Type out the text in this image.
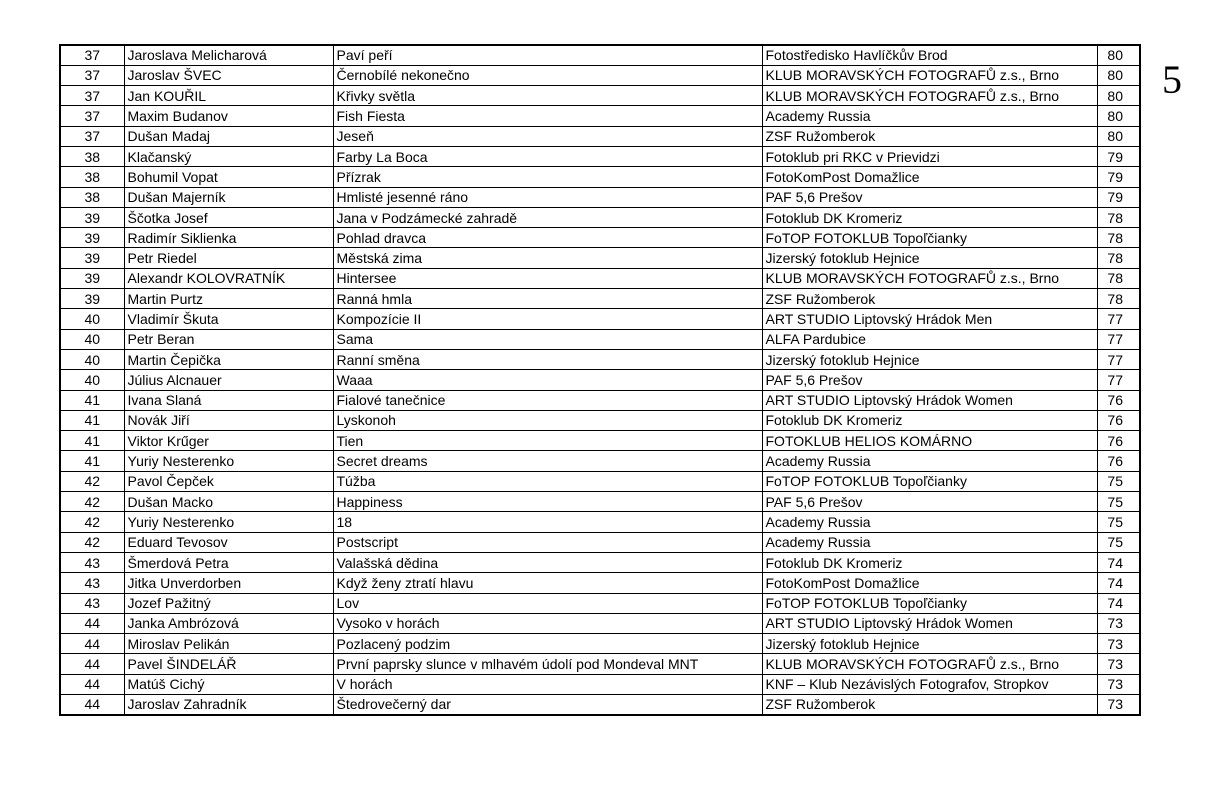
37	Jaroslava Melicharová	Paví peří	Fotostředisko Havlíčkův Brod	80
37	Jaroslav ŠVEC	Černobílé nekonečno	KLUB MORAVSKÝCH FOTOGRAFŮ z.s., Brno	80
37	Jan KOUŘIL	Křivky světla	KLUB MORAVSKÝCH FOTOGRAFŮ z.s., Brno	80
37	Maxim Budanov	Fish Fiesta	Academy Russia	80
37	Dušan Madaj	Jeseň	ZSF Ružomberok	80
38	Klačanský	Farby La Boca	Fotoklub pri RKC v Prievidzi	79
38	Bohumil Vopat	Přízrak	FotoKomPost Domažlice	79
38	Dušan Majerník	Hmlisté jesenné ráno	PAF 5,6 Prešov	79
39	Ščotka Josef	Jana v Podzámecké zahradě	Fotoklub DK Kromeriz	78
39	Radimír Siklienka	Pohlad dravca	FoTOP FOTOKLUB Topoľčianky	78
39	Petr Riedel	Městská zima	Jizerský fotoklub Hejnice	78
39	Alexandr KOLOVRATNÍK	Hintersee	KLUB MORAVSKÝCH FOTOGRAFŮ z.s., Brno	78
39	Martin Purtz	Ranná hmla	ZSF Ružomberok	78
40	Vladimír Škuta	Kompozície II	ART STUDIO Liptovský Hrádok Men	77
40	Petr Beran	Sama	ALFA Pardubice	77
40	Martin Čepička	Ranní směna	Jizerský fotoklub Hejnice	77
40	Július Alcnauer	Waaa	PAF 5,6 Prešov	77
41	Ivana Slaná	Fialové tanečnice	ART STUDIO Liptovský Hrádok Women	76
41	Novák Jiří	Lyskonoh	Fotoklub DK Kromeriz	76
41	Viktor Krűger	Tien	FOTOKLUB HELIOS KOMÁRNO	76
41	Yuriy Nesterenko	Secret dreams	Academy Russia	76
42	Pavol Čepček	Túžba	FoTOP FOTOKLUB Topoľčianky	75
42	Dušan Macko	Happiness	PAF 5,6 Prešov	75
42	Yuriy Nesterenko	18	Academy Russia	75
42	Eduard Tevosov	Postscript	Academy Russia	75
43	Šmerdová Petra	Valašská dědina	Fotoklub DK Kromeriz	74
43	Jitka Unverdorben	Když ženy ztratí hlavu	FotoKomPost Domažlice	74
43	Jozef Pažitný	Lov	FoTOP FOTOKLUB Topoľčianky	74
44	Janka Ambrózová	Vysoko v horách	ART STUDIO Liptovský Hrádok Women	73
44	Miroslav Pelikán	Pozlacený podzim	Jizerský fotoklub Hejnice	73
44	Pavel ŠINDELÁŘ	První paprsky slunce v mlhavém údolí pod Mondeval MNT	KLUB MORAVSKÝCH FOTOGRAFŮ z.s., Brno	73
44	Matúš Cichý	V horách	KNF – Klub Nezávislých Fotografov, Stropkov	73
44	Jaroslav Zahradník	Štedrovečerný dar	ZSF Ružomberok	73
5
